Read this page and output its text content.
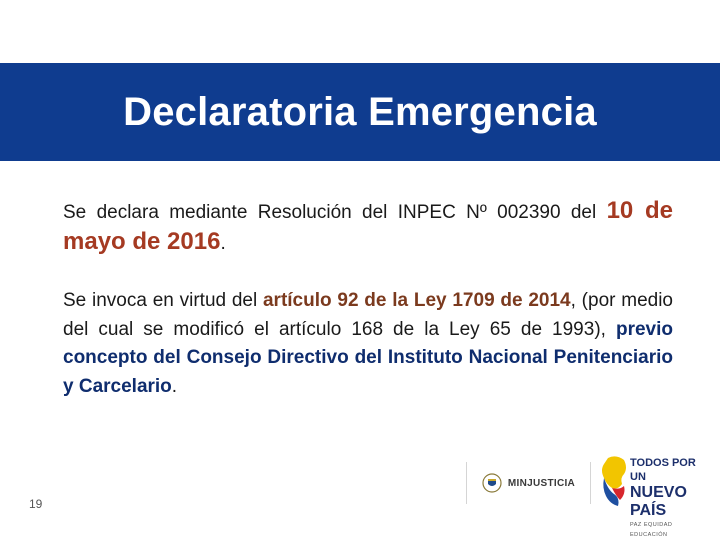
Declaratoria Emergencia

Se declara mediante Resolución del INPEC Nº 002390 del 10 de mayo de 2016.

Se invoca en virtud del artículo 92 de la Ley 1709 de 2014, (por medio del cual se modificó el artículo 168 de la Ley 65 de 1993), previo concepto del Consejo Directivo del Instituto Nacional Penitenciario y Carcelario.

19
MINJUSTICIA
TODOS POR UN
NUEVO PAÍS
PAZ EQUIDAD EDUCACIÓN
